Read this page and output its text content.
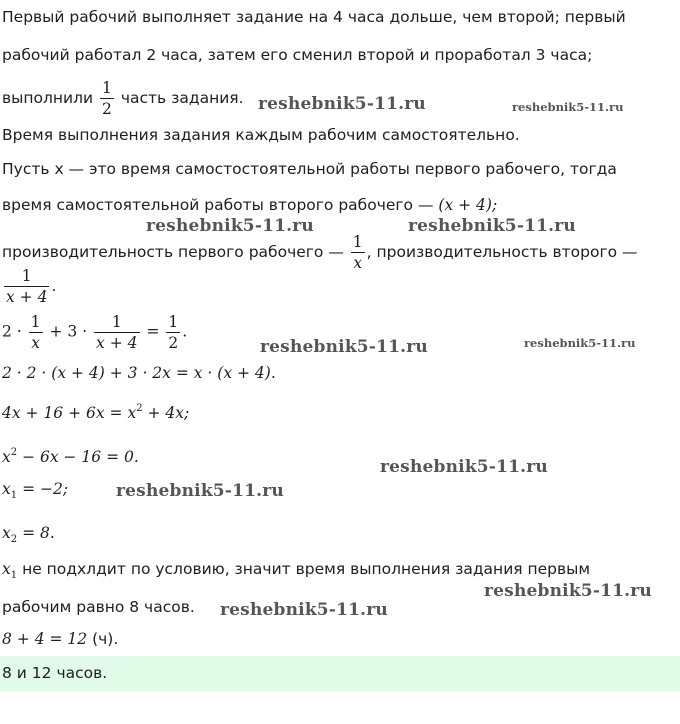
Первый рабочий выполняет задание на 4 часа дольше, чем второй; первый
рабочий работал 2 часа, затем его сменил второй и проработал 3 часа;
выполнили $\frac{1}{2}$ часть задания.
Время выполнения задания каждым рабочим самостоятельно.
Пусть x — это время самостостоятельной работы первого рабочего, тогда
время самостоятельной работы второго рабочего — (x + 4);
производительность первого рабочего — $\frac{1}{x}$ , производительность второго —
$\frac{1}{x + 4}$ .
$2 \cdot \frac{1}{x} + 3 \cdot \frac{1}{x + 4} = \frac{1}{2}$ .
2 · 2 · (x + 4) + 3 · 2x = x · (x + 4).
$4x + 16 + 6x = x^2 + 4x$;
$x^2 - 6x - 16 = 0$.
$x_1 = -2$;
$x_2 = 8$.
$x_1$ не подхлдит по условию, значит время выполнения задания первым
рабочим равно 8 часов.
8 + 4 = 12 (ч).
8 и 12 часов.
reshebnik5-11.ru	reshebnik5-11.ru
reshebnik5-11.ru	reshebnik5-11.ru
reshebnik5-11.ru	reshebnik5-11.ru
reshebnik5-11.ru
reshebnik5-11.ru
reshebnik5-11.ru
reshebnik5-11.ru
